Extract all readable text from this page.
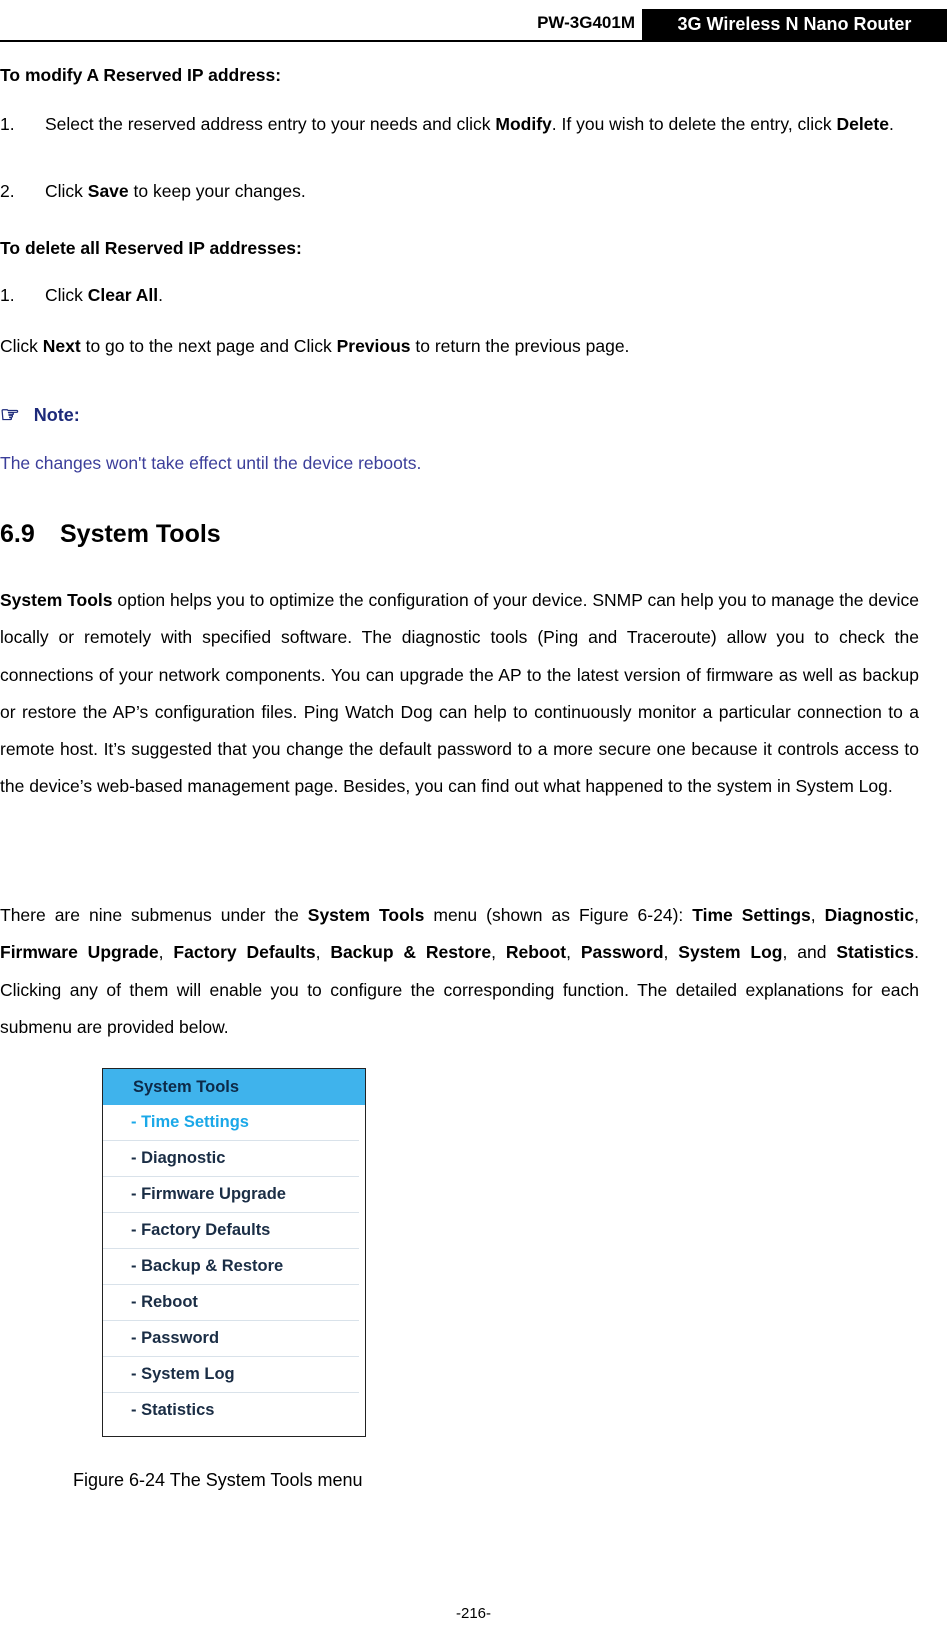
PW-3G401M	3G Wireless N Nano Router
To modify A Reserved IP address:
1. Select the reserved address entry to your needs and click Modify. If you wish to delete the entry, click Delete.
2. Click Save to keep your changes.
To delete all Reserved IP addresses:
1. Click Clear All.
Click Next to go to the next page and Click Previous to return the previous page.
☞ Note:
The changes won't take effect until the device reboots.
6.9 System Tools
System Tools option helps you to optimize the configuration of your device. SNMP can help you to manage the device locally or remotely with specified software. The diagnostic tools (Ping and Traceroute) allow you to check the connections of your network components. You can upgrade the AP to the latest version of firmware as well as backup or restore the AP’s configuration files. Ping Watch Dog can help to continuously monitor a particular connection to a remote host. It’s suggested that you change the default password to a more secure one because it controls access to the device’s web-based management page. Besides, you can find out what happened to the system in System Log.
There are nine submenus under the System Tools menu (shown as Figure 6-24): Time Settings, Diagnostic, Firmware Upgrade, Factory Defaults, Backup & Restore, Reboot, Password, System Log, and Statistics. Clicking any of them will enable you to configure the corresponding function. The detailed explanations for each submenu are provided below.
System Tools
- Time Settings
- Diagnostic
- Firmware Upgrade
- Factory Defaults
- Backup & Restore
- Reboot
- Password
- System Log
- Statistics
Figure 6-24 The System Tools menu
-216-
